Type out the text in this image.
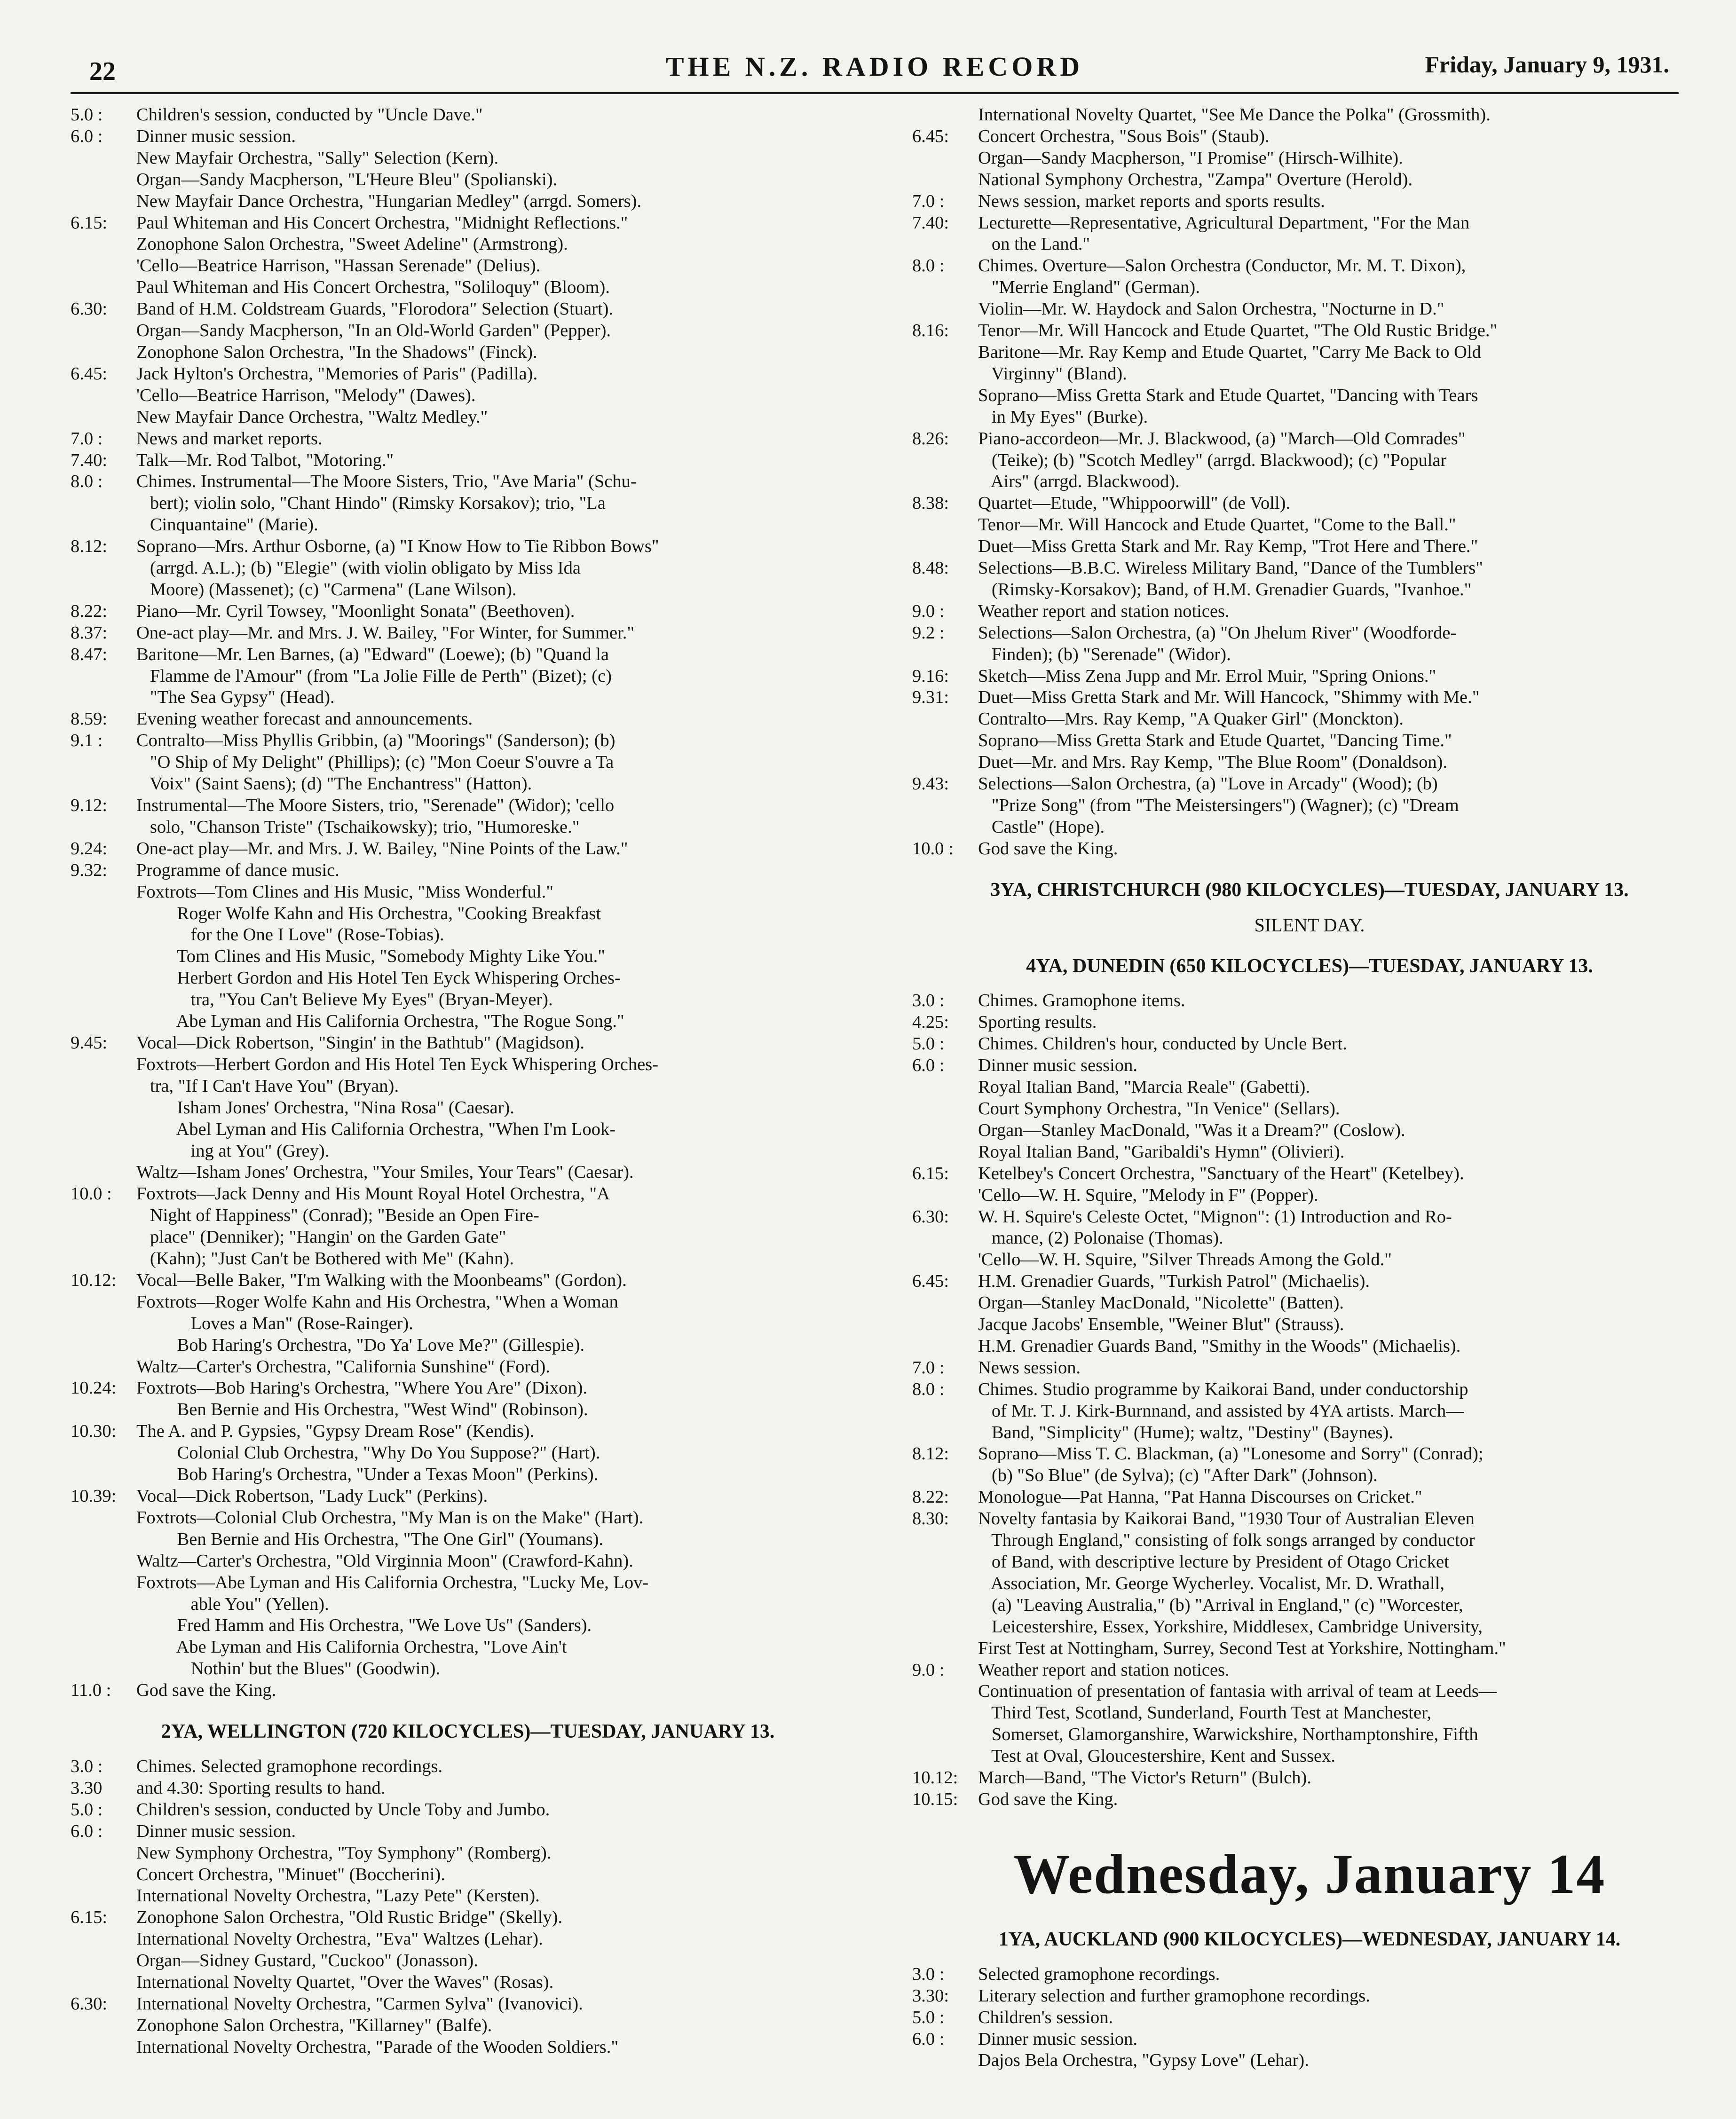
22	THE N.Z. RADIO RECORD	Friday, January 9, 1931.
5.0 :	Children's session, conducted by "Uncle Dave."
6.0 :	Dinner music session.
New Mayfair Orchestra, "Sally" Selection (Kern).
Organ—Sandy Macpherson, "L'Heure Bleu" (Spolianski).
New Mayfair Dance Orchestra, "Hungarian Medley" (arrgd. Somers).
6.15:	Paul Whiteman and His Concert Orchestra, "Midnight Reflections."
Zonophone Salon Orchestra, "Sweet Adeline" (Armstrong).
'Cello—Beatrice Harrison, "Hassan Serenade" (Delius).
Paul Whiteman and His Concert Orchestra, "Soliloquy" (Bloom).
6.30:	Band of H.M. Coldstream Guards, "Florodora" Selection (Stuart).
Organ—Sandy Macpherson, "In an Old-World Garden" (Pepper).
Zonophone Salon Orchestra, "In the Shadows" (Finck).
6.45:	Jack Hylton's Orchestra, "Memories of Paris" (Padilla).
'Cello—Beatrice Harrison, "Melody" (Dawes).
New Mayfair Dance Orchestra, "Waltz Medley."
7.0 :	News and market reports.
7.40:	Talk—Mr. Rod Talbot, "Motoring."
8.0 :	Chimes. Instrumental—The Moore Sisters, Trio, "Ave Maria" (Schu-
bert); violin solo, "Chant Hindo" (Rimsky Korsakov); trio, "La
Cinquantaine" (Marie).
8.12:	Soprano—Mrs. Arthur Osborne, (a) "I Know How to Tie Ribbon Bows"
(arrgd. A.L.); (b) "Elegie" (with violin obligato by Miss Ida
Moore) (Massenet); (c) "Carmena" (Lane Wilson).
8.22:	Piano—Mr. Cyril Towsey, "Moonlight Sonata" (Beethoven).
8.37:	One-act play—Mr. and Mrs. J. W. Bailey, "For Winter, for Summer."
8.47:	Baritone—Mr. Len Barnes, (a) "Edward" (Loewe); (b) "Quand la
Flamme de l'Amour" (from "La Jolie Fille de Perth" (Bizet); (c)
"The Sea Gypsy" (Head).
8.59:	Evening weather forecast and announcements.
9.1 :	Contralto—Miss Phyllis Gribbin, (a) "Moorings" (Sanderson); (b)
"O Ship of My Delight" (Phillips); (c) "Mon Coeur S'ouvre a Ta
Voix" (Saint Saens); (d) "The Enchantress" (Hatton).
9.12:	Instrumental—The Moore Sisters, trio, "Serenade" (Widor); 'cello
solo, "Chanson Triste" (Tschaikowsky); trio, "Humoreske."
9.24:	One-act play—Mr. and Mrs. J. W. Bailey, "Nine Points of the Law."
9.32:	Programme of dance music.
Foxtrots—Tom Clines and His Music, "Miss Wonderful."
Roger Wolfe Kahn and His Orchestra, "Cooking Breakfast
for the One I Love" (Rose-Tobias).
Tom Clines and His Music, "Somebody Mighty Like You."
Herbert Gordon and His Hotel Ten Eyck Whispering Orches-
tra, "You Can't Believe My Eyes" (Bryan-Meyer).
Abe Lyman and His California Orchestra, "The Rogue Song."
9.45:	Vocal—Dick Robertson, "Singin' in the Bathtub" (Magidson).
Foxtrots—Herbert Gordon and His Hotel Ten Eyck Whispering Orches-
tra, "If I Can't Have You" (Bryan).
Isham Jones' Orchestra, "Nina Rosa" (Caesar).
Abel Lyman and His California Orchestra, "When I'm Look-
ing at You" (Grey).
Waltz—Isham Jones' Orchestra, "Your Smiles, Your Tears" (Caesar).
10.0 :	Foxtrots—Jack Denny and His Mount Royal Hotel Orchestra, "A
Night of Happiness" (Conrad); "Beside an Open Fire-
place" (Denniker); "Hangin' on the Garden Gate"
(Kahn); "Just Can't be Bothered with Me" (Kahn).
10.12:	Vocal—Belle Baker, "I'm Walking with the Moonbeams" (Gordon).
Foxtrots—Roger Wolfe Kahn and His Orchestra, "When a Woman
Loves a Man" (Rose-Rainger).
Bob Haring's Orchestra, "Do Ya' Love Me?" (Gillespie).
Waltz—Carter's Orchestra, "California Sunshine" (Ford).
10.24:	Foxtrots—Bob Haring's Orchestra, "Where You Are" (Dixon).
Ben Bernie and His Orchestra, "West Wind" (Robinson).
10.30:	The A. and P. Gypsies, "Gypsy Dream Rose" (Kendis).
Colonial Club Orchestra, "Why Do You Suppose?" (Hart).
Bob Haring's Orchestra, "Under a Texas Moon" (Perkins).
10.39:	Vocal—Dick Robertson, "Lady Luck" (Perkins).
Foxtrots—Colonial Club Orchestra, "My Man is on the Make" (Hart).
Ben Bernie and His Orchestra, "The One Girl" (Youmans).
Waltz—Carter's Orchestra, "Old Virginnia Moon" (Crawford-Kahn).
Foxtrots—Abe Lyman and His California Orchestra, "Lucky Me, Lov-
able You" (Yellen).
Fred Hamm and His Orchestra, "We Love Us" (Sanders).
Abe Lyman and His California Orchestra, "Love Ain't
Nothin' but the Blues" (Goodwin).
11.0 :	God save the King.
2YA, WELLINGTON (720 KILOCYCLES)—TUESDAY, JANUARY 13.
3.0 :	Chimes. Selected gramophone recordings.
3.30	and 4.30: Sporting results to hand.
5.0 :	Children's session, conducted by Uncle Toby and Jumbo.
6.0 :	Dinner music session.
New Symphony Orchestra, "Toy Symphony" (Romberg).
Concert Orchestra, "Minuet" (Boccherini).
International Novelty Orchestra, "Lazy Pete" (Kersten).
6.15:	Zonophone Salon Orchestra, "Old Rustic Bridge" (Skelly).
International Novelty Orchestra, "Eva" Waltzes (Lehar).
Organ—Sidney Gustard, "Cuckoo" (Jonasson).
International Novelty Quartet, "Over the Waves" (Rosas).
6.30:	International Novelty Orchestra, "Carmen Sylva" (Ivanovici).
Zonophone Salon Orchestra, "Killarney" (Balfe).
International Novelty Orchestra, "Parade of the Wooden Soldiers."
International Novelty Quartet, "See Me Dance the Polka" (Grossmith).
6.45:	Concert Orchestra, "Sous Bois" (Staub).
Organ—Sandy Macpherson, "I Promise" (Hirsch-Wilhite).
National Symphony Orchestra, "Zampa" Overture (Herold).
7.0 :	News session, market reports and sports results.
7.40:	Lecturette—Representative, Agricultural Department, "For the Man
on the Land."
8.0 :	Chimes. Overture—Salon Orchestra (Conductor, Mr. M. T. Dixon),
"Merrie England" (German).
Violin—Mr. W. Haydock and Salon Orchestra, "Nocturne in D."
8.16:	Tenor—Mr. Will Hancock and Etude Quartet, "The Old Rustic Bridge."
Baritone—Mr. Ray Kemp and Etude Quartet, "Carry Me Back to Old
Virginny" (Bland).
Soprano—Miss Gretta Stark and Etude Quartet, "Dancing with Tears
in My Eyes" (Burke).
8.26:	Piano-accordeon—Mr. J. Blackwood, (a) "March—Old Comrades"
(Teike); (b) "Scotch Medley" (arrgd. Blackwood); (c) "Popular
Airs" (arrgd. Blackwood).
8.38:	Quartet—Etude, "Whippoorwill" (de Voll).
Tenor—Mr. Will Hancock and Etude Quartet, "Come to the Ball."
Duet—Miss Gretta Stark and Mr. Ray Kemp, "Trot Here and There."
8.48:	Selections—B.B.C. Wireless Military Band, "Dance of the Tumblers"
(Rimsky-Korsakov); Band, of H.M. Grenadier Guards, "Ivanhoe."
9.0 :	Weather report and station notices.
9.2 :	Selections—Salon Orchestra, (a) "On Jhelum River" (Woodforde-
Finden); (b) "Serenade" (Widor).
9.16:	Sketch—Miss Zena Jupp and Mr. Errol Muir, "Spring Onions."
9.31:	Duet—Miss Gretta Stark and Mr. Will Hancock, "Shimmy with Me."
Contralto—Mrs. Ray Kemp, "A Quaker Girl" (Monckton).
Soprano—Miss Gretta Stark and Etude Quartet, "Dancing Time."
Duet—Mr. and Mrs. Ray Kemp, "The Blue Room" (Donaldson).
9.43:	Selections—Salon Orchestra, (a) "Love in Arcady" (Wood); (b)
"Prize Song" (from "The Meistersingers") (Wagner); (c) "Dream
Castle" (Hope).
10.0 :	God save the King.
3YA, CHRISTCHURCH (980 KILOCYCLES)—TUESDAY, JANUARY 13.
SILENT DAY.
4YA, DUNEDIN (650 KILOCYCLES)—TUESDAY, JANUARY 13.
3.0 :	Chimes. Gramophone items.
4.25:	Sporting results.
5.0 :	Chimes. Children's hour, conducted by Uncle Bert.
6.0 :	Dinner music session.
Royal Italian Band, "Marcia Reale" (Gabetti).
Court Symphony Orchestra, "In Venice" (Sellars).
Organ—Stanley MacDonald, "Was it a Dream?" (Coslow).
Royal Italian Band, "Garibaldi's Hymn" (Olivieri).
6.15:	Ketelbey's Concert Orchestra, "Sanctuary of the Heart" (Ketelbey).
'Cello—W. H. Squire, "Melody in F" (Popper).
6.30:	W. H. Squire's Celeste Octet, "Mignon": (1) Introduction and Ro-
mance, (2) Polonaise (Thomas).
'Cello—W. H. Squire, "Silver Threads Among the Gold."
6.45:	H.M. Grenadier Guards, "Turkish Patrol" (Michaelis).
Organ—Stanley MacDonald, "Nicolette" (Batten).
Jacque Jacobs' Ensemble, "Weiner Blut" (Strauss).
H.M. Grenadier Guards Band, "Smithy in the Woods" (Michaelis).
7.0 :	News session.
8.0 :	Chimes. Studio programme by Kaikorai Band, under conductorship
of Mr. T. J. Kirk-Burnnand, and assisted by 4YA artists. March—
Band, "Simplicity" (Hume); waltz, "Destiny" (Baynes).
8.12:	Soprano—Miss T. C. Blackman, (a) "Lonesome and Sorry" (Conrad);
(b) "So Blue" (de Sylva); (c) "After Dark" (Johnson).
8.22:	Monologue—Pat Hanna, "Pat Hanna Discourses on Cricket."
8.30:	Novelty fantasia by Kaikorai Band, "1930 Tour of Australian Eleven
Through England," consisting of folk songs arranged by conductor
of Band, with descriptive lecture by President of Otago Cricket
Association, Mr. George Wycherley. Vocalist, Mr. D. Wrathall,
(a) "Leaving Australia," (b) "Arrival in England," (c) "Worcester,
Leicestershire, Essex, Yorkshire, Middlesex, Cambridge University,
First Test at Nottingham, Surrey, Second Test at Yorkshire, Nottingham."
9.0 :	Weather report and station notices.
Continuation of presentation of fantasia with arrival of team at Leeds—
Third Test, Scotland, Sunderland, Fourth Test at Manchester,
Somerset, Glamorganshire, Warwickshire, Northamptonshire, Fifth
Test at Oval, Gloucestershire, Kent and Sussex.
10.12:	March—Band, "The Victor's Return" (Bulch).
10.15:	God save the King.
Wednesday, January 14
1YA, AUCKLAND (900 KILOCYCLES)—WEDNESDAY, JANUARY 14.
3.0 :	Selected gramophone recordings.
3.30:	Literary selection and further gramophone recordings.
5.0 :	Children's session.
6.0 :	Dinner music session.
Dajos Bela Orchestra, "Gypsy Love" (Lehar).
